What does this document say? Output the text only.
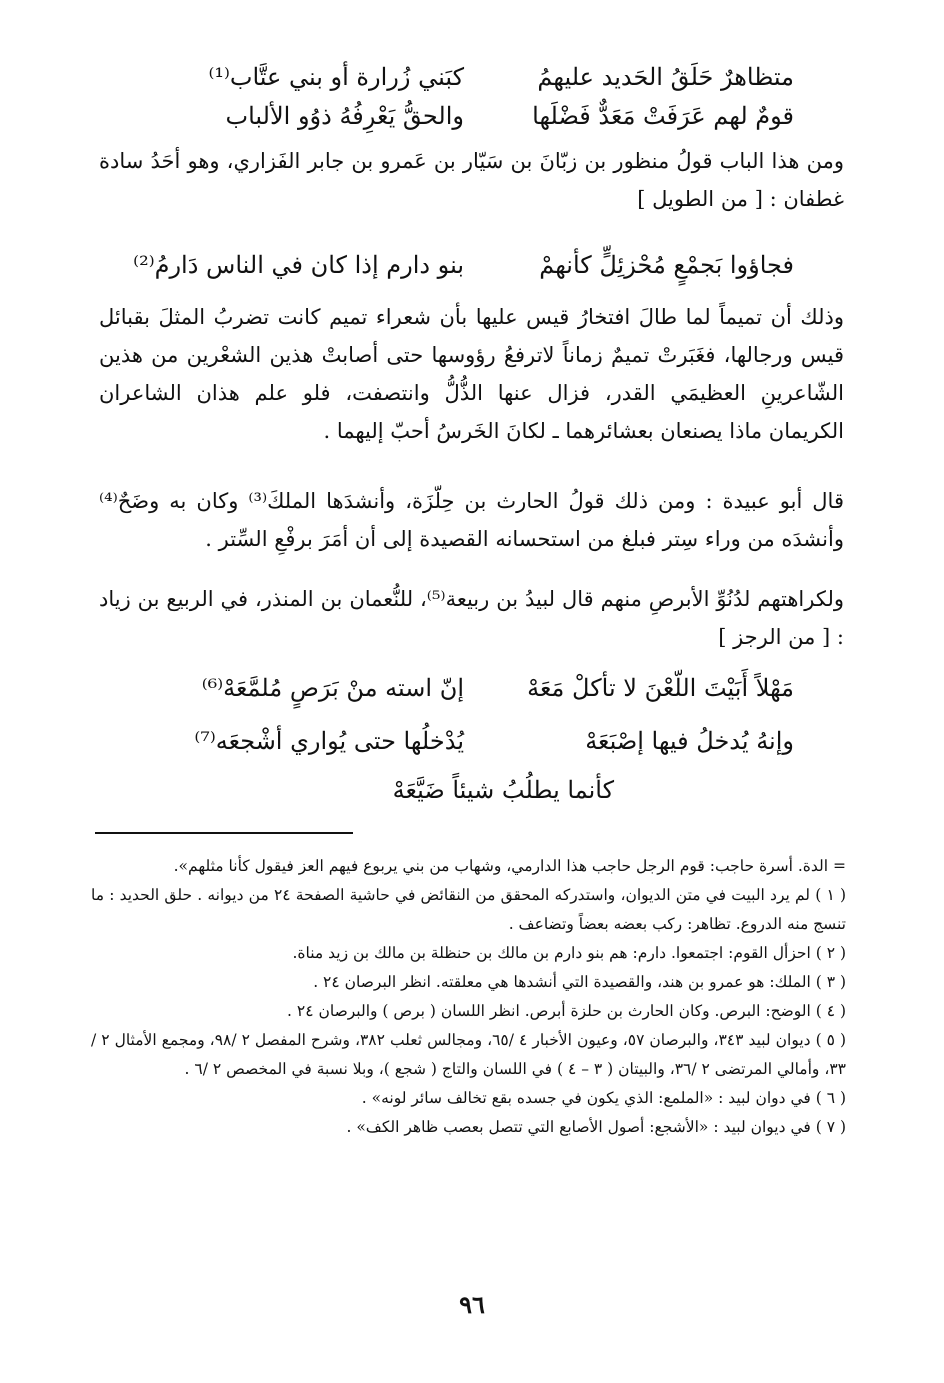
متظاهرٌ حَلَقُ الحَديد عليهمُ
كبَني زُرارة أو بني عتَّاب⁽¹⁾
قومٌ لهم عَرَفَتْ مَعَدٌّ فَضْلَها
والحقُّ يَعْرِفُهُ ذوُو الألباب

ومن هذا الباب قولُ منظور بن زبّانَ بن سَيّار بن عَمرو بن جابر الفَزاري، وهو أحَدُ سادة غطفان : [ من الطويل ]

فجاؤوا بَجمْعٍ مُحْزئِلٍّ كأنهمْ
بنو دارم إذا كان في الناس دَارمُ⁽²⁾

وذلك أن تميماً لما طالَ افتخارُ قيس عليها بأن شعراء تميم كانت تضربُ المثلَ بقبائل قيس ورجالها، فغَبَرتْ تميمٌ زماناً لاترفعُ رؤوسها حتى أصابتْ هذين الشعْرين من هذين الشّاعرينِ العظيمَي القدر، فزال عنها الذُّلُّ وانتصفت، فلو علم هذان الشاعران الكريمان ماذا يصنعان بعشائرهما ـ لكانَ الخَرسُ أحبّ إليهما .

قال أبو عبيدة : ومن ذلك قولُ الحارث بن حِلّزَة، وأنشدَها الملكَ⁽³⁾ وكان به وضَحٌ⁽⁴⁾ وأنشدَه من وراء سِتر فبلغ من استحسانه القصيدة إلى أن أمَرَ برفْعِ السِّتر .

ولكراهتهم لدُنُوِّ الأبرصِ منهم قال لبيدُ بن ربيعة⁽⁵⁾، للنُّعمان بن المنذر، في الربيع بن زياد : [ من الرجز ]

مَهْلاً أَبَيْتَ اللّعْنَ لا تأكلْ مَعَهْ
إنّ استه منْ بَرَصٍ مُلمَّعَهْ⁽⁶⁾
وإنهُ يُدخلُ فيها إصْبَعَهْ
يُدْخلُها حتى يُواري أشْجعَه⁽⁷⁾
كأنما يطلُبُ شيئاً ضَيَّعَهْ

= الدة. أسرة حاجب: قوم الرجل حاجب هذا الدارمي، وشهاب من بني يربوع فيهم العز فيقول كأنا مثلهم».

( ١ ) لم يرد البيت في متن الديوان، واستدركه المحقق من النقائض في حاشية الصفحة ٢٤ من ديوانه . حلق الحديد : ما تنسج منه الدروع. تظاهر: ركب بعضه بعضاً وتضاعف .

( ٢ ) احزأل القوم: اجتمعوا. دارم: هم بنو دارم بن مالك بن حنظلة بن مالك بن زيد مناة.

( ٣ ) الملك: هو عمرو بن هند، والقصيدة التي أنشدها هي معلقته. انظر البرصان ٢٤ .

( ٤ ) الوضح: البرص. وكان الحارث بن حلزة أبرص. انظر اللسان ( برص ) والبرصان ٢٤ .

( ٥ ) ديوان لبيد ٣٤٣، والبرصان ٥٧، وعيون الأخبار ٤ /٦٥، ومجالس ثعلب ٣٨٢، وشرح المفصل ٢ /٩٨، ومجمع الأمثال ٢ /٣٣، وأمالي المرتضى ٢ /٣٦، والبيتان ( ٣ – ٤ ) في اللسان والتاج ( شجع )، وبلا نسبة في المخصص ٢ /٦ .

( ٦ ) في دوان لبيد : «الملمع: الذي يكون في جسده بقع تخالف سائر لونه» .

( ٧ ) في ديوان لبيد : «الأشجع: أصول الأصابع التي تتصل بعصب ظاهر الكف» .

٩٦
